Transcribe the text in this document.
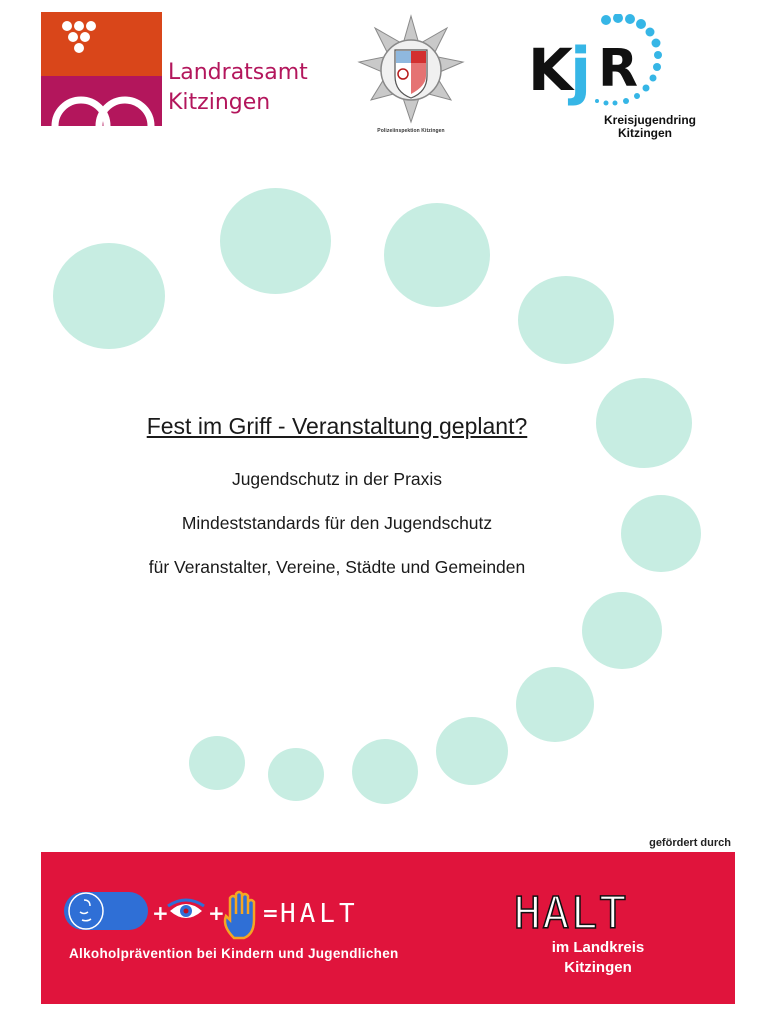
Landratsamt
Kitzingen
Polizeiinspektion Kitzingen
K
j R
Kreisjugendring
Kitzingen
Fest im Griff - Veranstaltung geplant?
Jugendschutz in der Praxis
Mindeststandards für den Jugendschutz
für Veranstalter, Vereine, Städte und Gemeinden
gefördert durch
+ + = HALT
Alkoholprävention bei Kindern und Jugendlichen
HALT
im Landkreis
Kitzingen
